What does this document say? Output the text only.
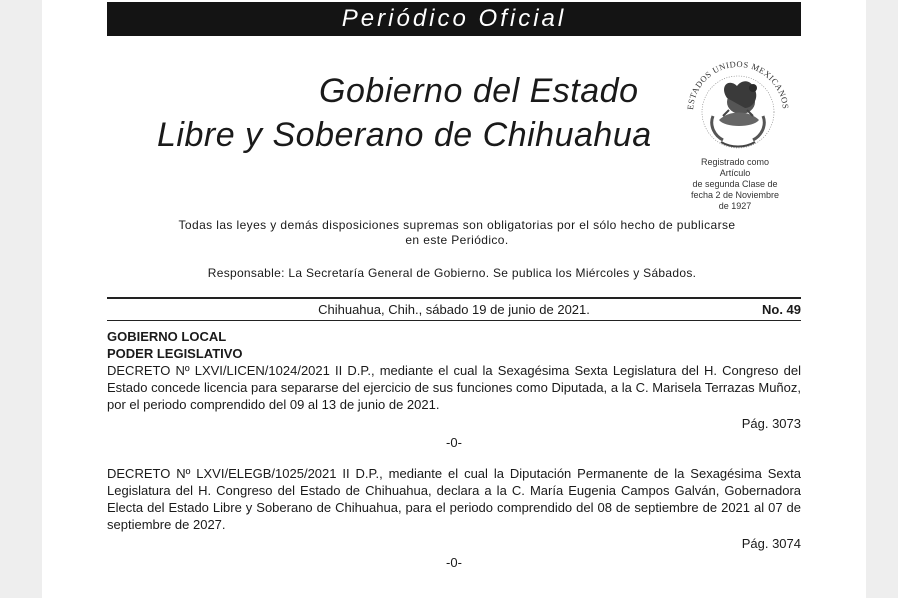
Periódico Oficial
Gobierno del Estado
Libre y Soberano de Chihuahua
ESTADOS UNIDOS MEXICANOS
Registrado como
Artículo
de segunda Clase de
fecha 2 de Noviembre
de 1927
Todas las leyes y demás disposiciones supremas son obligatorias por el sólo hecho de publicarse
en este Periódico.
Responsable: La Secretaría General de Gobierno. Se publica los Miércoles y Sábados.
Chihuahua, Chih., sábado 19 de junio de 2021.	No. 49
GOBIERNO LOCAL
PODER LEGISLATIVO
DECRETO Nº LXVI/LICEN/1024/2021 II D.P., mediante el cual la Sexagésima Sexta Legislatura del H. Congreso del Estado concede licencia para separarse del ejercicio de sus funciones como Diputada, a la C. Marisela Terrazas Muñoz, por el periodo comprendido del 09 al 13 de junio de 2021.
Pág. 3073
-0-
DECRETO Nº LXVI/ELEGB/1025/2021 II D.P., mediante el cual la Diputación Permanente de la Sexagésima Sexta Legislatura del H. Congreso del Estado de Chihuahua, declara a la C. María Eugenia Campos Galván, Gobernadora Electa del Estado Libre y Soberano de Chihuahua, para el periodo comprendido del 08 de septiembre de 2021 al 07 de septiembre de 2027.
Pág. 3074
-0-
